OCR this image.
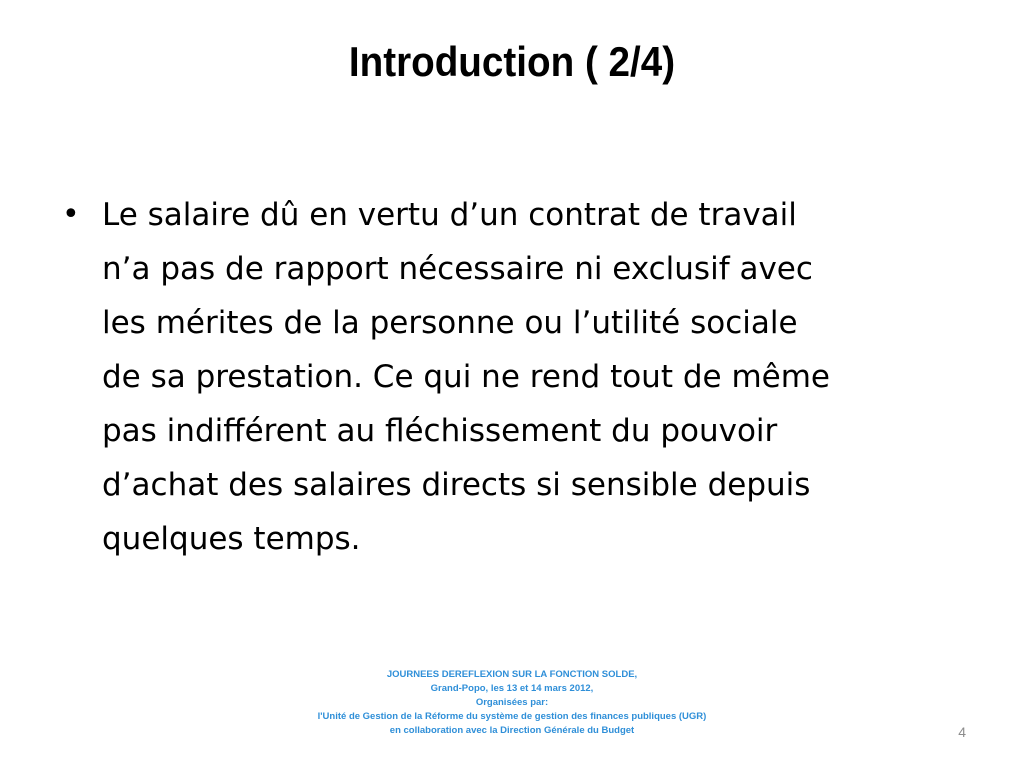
Introduction ( 2/4)
• Le salaire dû en vertu d’un contrat de travail
n’a pas de rapport nécessaire ni exclusif avec
les mérites de la personne ou l’utilité sociale
de sa prestation. Ce qui ne rend tout de même
pas indifférent au fléchissement du pouvoir
d’achat des salaires directs si sensible depuis
quelques temps.
JOURNEES DEREFLEXION SUR LA FONCTION SOLDE,
Grand-Popo, les 13 et 14 mars 2012,
Organisées par:
l'Unité de Gestion de la Réforme du système de gestion des finances publiques (UGR)
en collaboration avec la Direction Générale du Budget	4
